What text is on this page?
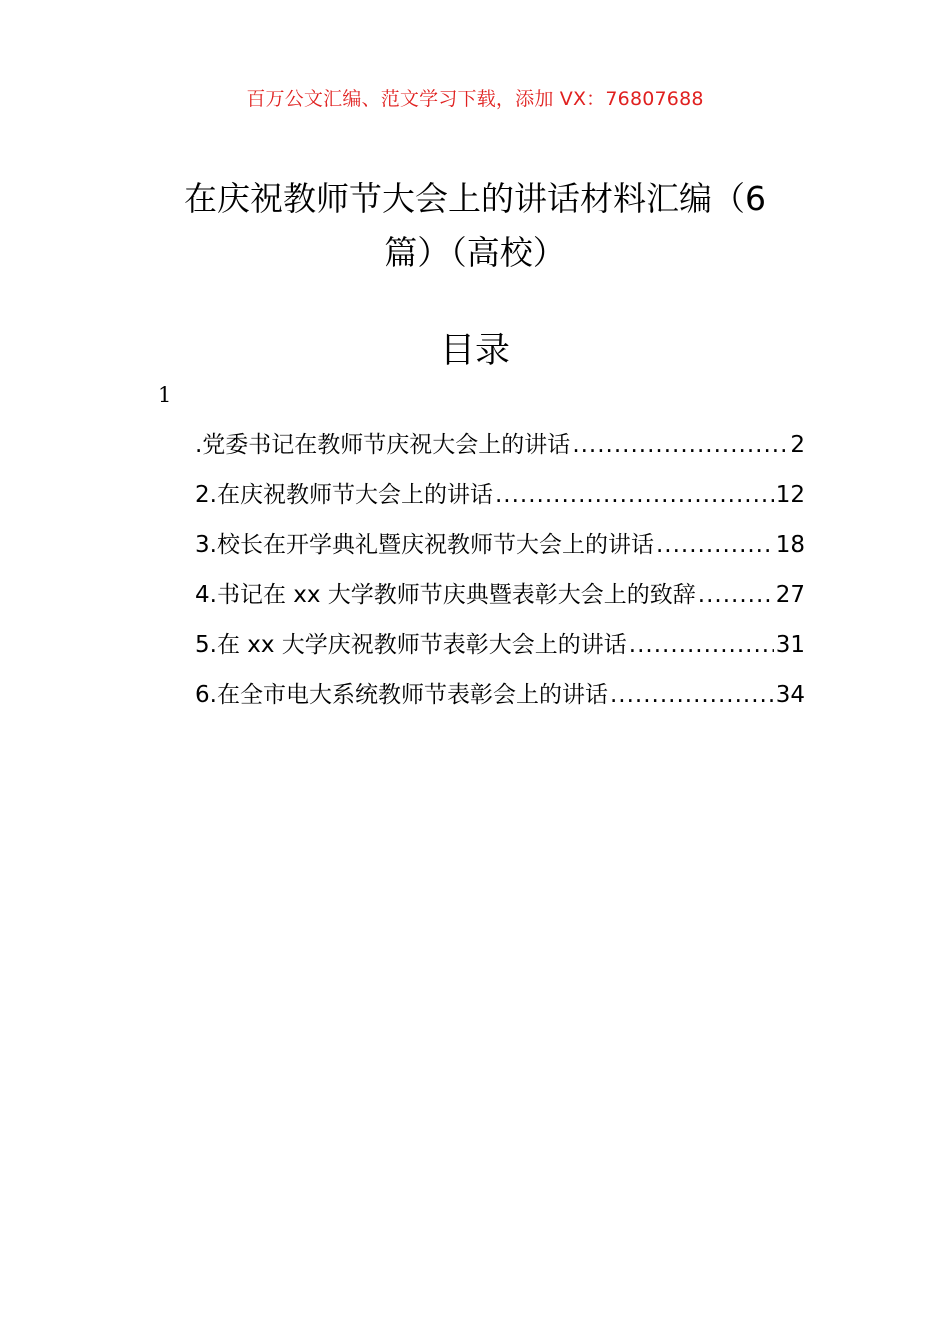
百万公文汇编、范文学习下载，添加 VX：76807688
在庆祝教师节大会上的讲话材料汇编（6
篇）（高校）
目录
1
.党委书记在教师节庆祝大会上的讲话 .....	2
2.在庆祝教师节大会上的讲话 .....	12
3.校长在开学典礼暨庆祝教师节大会上的讲话 .....	18
4.书记在 xx 大学教师节庆典暨表彰大会上的致辞 .....	27
5.在 xx 大学庆祝教师节表彰大会上的讲话 .....	31
6.在全市电大系统教师节表彰会上的讲话 .....	34
